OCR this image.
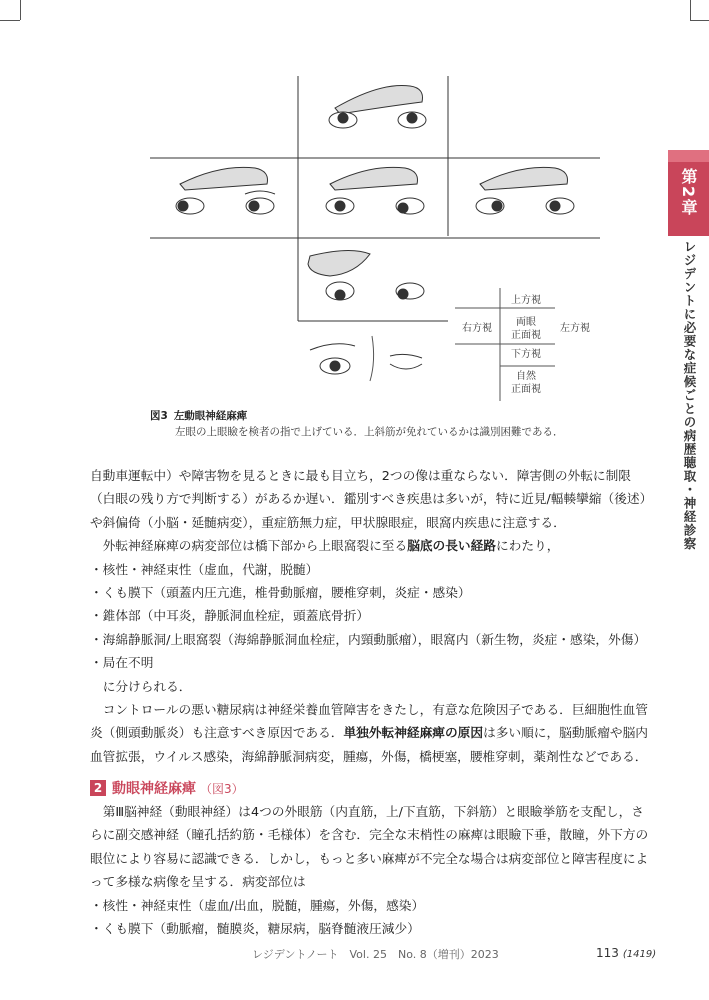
上方視
両眼
正面視
右方視	左方視
下方視
自然
正面視
図3 左動眼神経麻痺
左眼の上眼瞼を検者の指で上げている．上斜筋が免れているかは識別困難である．
第2章
レジデントに必要な症候ごとの病歴聴取・神経診察

自動車運転中）や障害物を見るときに最も目立ち，2つの像は重ならない．障害側の外転に制限（白眼の残り方で判断する）があるか遅い．鑑別すべき疾患は多いが，特に近見/輻輳攣縮（後述）や斜偏倚（小脳・延髄病変），重症筋無力症，甲状腺眼症，眼窩内疾患に注意する．

外転神経麻痺の病変部位は橋下部から上眼窩裂に至る脳底の長い経路にわたり，

・核性・神経束性（虚血，代謝，脱髄）

・くも膜下（頭蓋内圧亢進，椎骨動脈瘤，腰椎穿刺，炎症・感染）

・錐体部（中耳炎，静脈洞血栓症，頭蓋底骨折）

・海綿静脈洞/上眼窩裂（海綿静脈洞血栓症，内頸動脈瘤），眼窩内（新生物，炎症・感染，外傷）

・局在不明

に分けられる．

コントロールの悪い糖尿病は神経栄養血管障害をきたし，有意な危険因子である．巨細胞性血管炎（側頭動脈炎）も注意すべき原因である．単独外転神経麻痺の原因は多い順に，脳動脈瘤や脳内血管拡張，ウイルス感染，海綿静脈洞病変，腫瘍，外傷，橋梗塞，腰椎穿刺，薬剤性などである．

2 動眼神経麻痺 （図3）

第Ⅲ脳神経（動眼神経）は4つの外眼筋（内直筋，上/下直筋，下斜筋）と眼瞼挙筋を支配し，さらに副交感神経（瞳孔括約筋・毛様体）を含む．完全な末梢性の麻痺は眼瞼下垂，散瞳，外下方の眼位により容易に認識できる．しかし，もっと多い麻痺が不完全な場合は病変部位と障害程度によって多様な病像を呈する．病変部位は

・核性・神経束性（虚血/出血，脱髄，腫瘍，外傷，感染）

・くも膜下（動脈瘤，髄膜炎，糖尿病，脳脊髄液圧減少）

レジデントノート　Vol. 25　No. 8（増刊）2023	113 (1419)
